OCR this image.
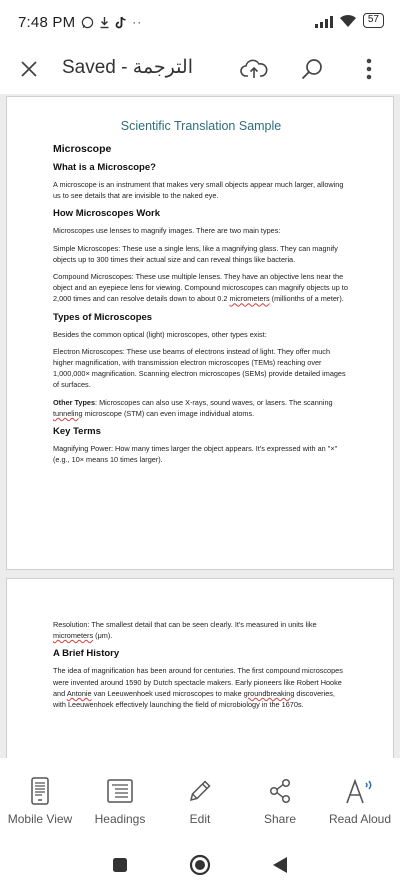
7:48 PM	··	57
Saved - الترجمة
Scientific Translation Sample
Microscope
What is a Microscope?

A microscope is an instrument that makes very small objects appear much larger, allowing us to see details that are invisible to the naked eye.

How Microscopes Work

Microscopes use lenses to magnify images. There are two main types:

Simple Microscopes: These use a single lens, like a magnifying glass. They can magnify objects up to 300 times their actual size and can reveal things like bacteria.

Compound Microscopes: These use multiple lenses. They have an objective lens near the object and an eyepiece lens for viewing. Compound microscopes can magnify objects up to 2,000 times and can resolve details down to about 0.2 micrometers (millionths of a meter).

Types of Microscopes

Besides the common optical (light) microscopes, other types exist:

Electron Microscopes: These use beams of electrons instead of light. They offer much higher magnification, with transmission electron microscopes (TEMs) reaching over 1,000,000× magnification. Scanning electron microscopes (SEMs) provide detailed images of surfaces.

Other Types: Microscopes can also use X-rays, sound waves, or lasers. The scanning tunneling microscope (STM) can even image individual atoms.

Key Terms

Magnifying Power: How many times larger the object appears. It's expressed with an "×" (e.g., 10× means 10 times larger).

Resolution: The smallest detail that can be seen clearly. It's measured in units like micrometers (μm).

A Brief History

The idea of magnification has been around for centuries. The first compound microscopes were invented around 1590 by Dutch spectacle makers. Early pioneers like Robert Hooke and Antonie van Leeuwenhoek used microscopes to make groundbreaking discoveries, with Leeuwenhoek effectively launching the field of microbiology in the 1670s.

Mobile View Headings	Edit	Share	Read Aloud
